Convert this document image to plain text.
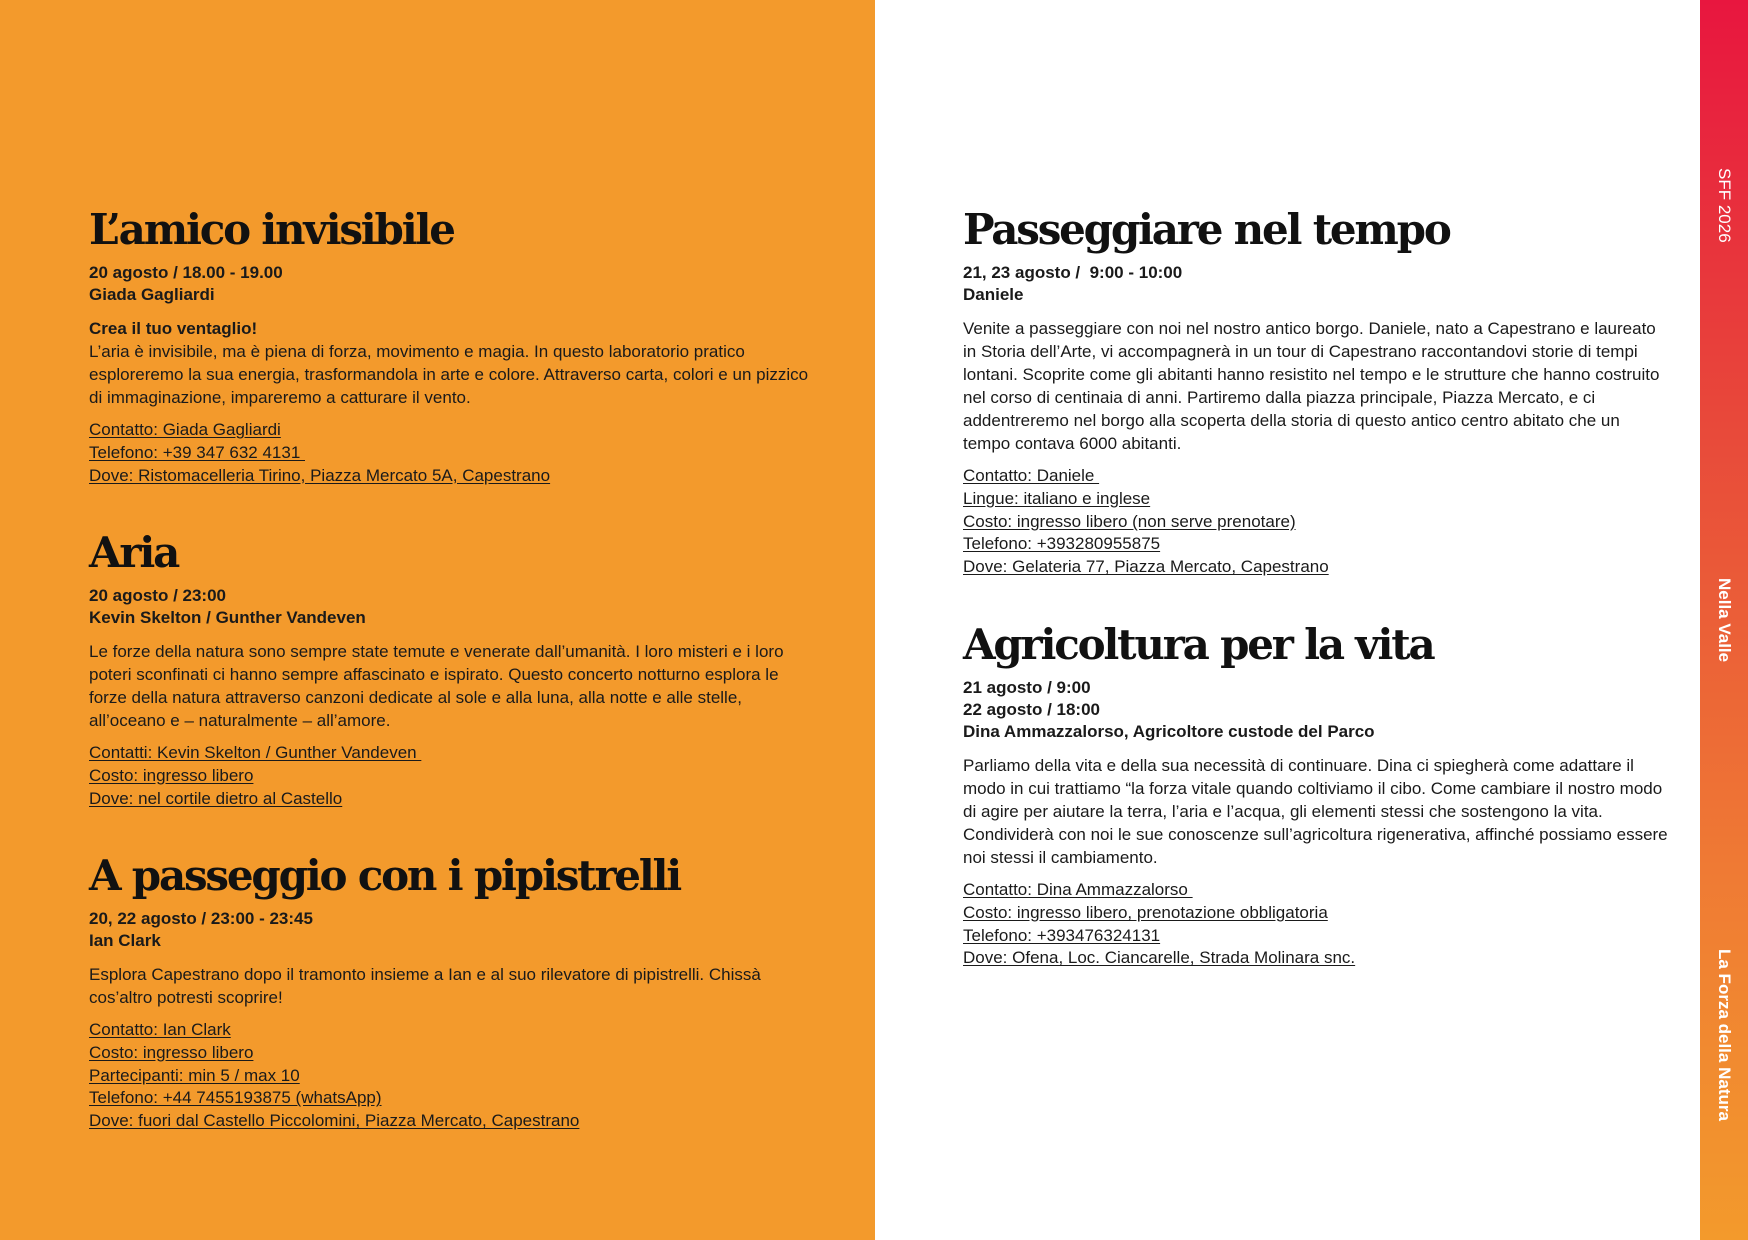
SFF 2026
Nella Valle
La Forza della Natura
L’amico invisibile
20 agosto / 18.00 - 19.00
Giada Gagliardi
Crea il tuo ventaglio!
L’aria è invisibile, ma è piena di forza, movimento e magia. In questo laboratorio pratico esploreremo la sua energia, trasformandola in arte e colore. Attraverso carta, colori e un pizzico di immaginazione, impareremo a catturare il vento.
Contatto: Giada Gagliardi
Telefono: +39 347 632 4131
Dove: Ristomacelleria Tirino, Piazza Mercato 5A, Capestrano
Aria
20 agosto / 23:00
Kevin Skelton / Gunther Vandeven
Le forze della natura sono sempre state temute e venerate dall’umanità. I loro misteri e i loro poteri sconfinati ci hanno sempre affascinato e ispirato. Questo concerto notturno esplora le forze della natura attraverso canzoni dedicate al sole e alla luna, alla notte e alle stelle, all’oceano e – naturalmente – all’amore.
Contatti: Kevin Skelton / Gunther Vandeven
Costo: ingresso libero
Dove: nel cortile dietro al Castello
A passeggio con i pipistrelli
20, 22 agosto / 23:00 - 23:45
Ian Clark
Esplora Capestrano dopo il tramonto insieme a Ian e al suo rilevatore di pipistrelli. Chissà cos’altro potresti scoprire!
Contatto: Ian Clark
Costo: ingresso libero
Partecipanti: min 5 / max 10
Telefono: +44 7455193875 (whatsApp)
Dove: fuori dal Castello Piccolomini, Piazza Mercato, Capestrano
Passeggiare nel tempo
21, 23 agosto /  9:00 - 10:00
Daniele
Venite a passeggiare con noi nel nostro antico borgo. Daniele, nato a Capestrano e laureato in Storia dell’Arte, vi accompagnerà in un tour di Capestrano raccontandovi storie di tempi lontani. Scoprite come gli abitanti hanno resistito nel tempo e le strutture che hanno costruito nel corso di centinaia di anni. Partiremo dalla piazza principale, Piazza Mercato, e ci addentreremo nel borgo alla scoperta della storia di questo antico centro abitato che un tempo contava 6000 abitanti.
Contatto: Daniele
Lingue: italiano e inglese
Costo: ingresso libero (non serve prenotare)
Telefono: +393280955875
Dove: Gelateria 77, Piazza Mercato, Capestrano
Agricoltura per la vita
21 agosto / 9:00
22 agosto / 18:00
Dina Ammazzalorso, Agricoltore custode del Parco
Parliamo della vita e della sua necessità di continuare. Dina ci spiegherà come adattare il modo in cui trattiamo “la forza vitale quando coltiviamo il cibo. Come cambiare il nostro modo di agire per aiutare la terra, l’aria e l’acqua, gli elementi stessi che sostengono la vita. Condividerà con noi le sue conoscenze sull’agricoltura rigenerativa, affinché possiamo essere noi stessi il cambiamento.
Contatto: Dina Ammazzalorso
Costo: ingresso libero, prenotazione obbligatoria
Telefono: +393476324131
Dove: Ofena, Loc. Ciancarelle, Strada Molinara snc.
